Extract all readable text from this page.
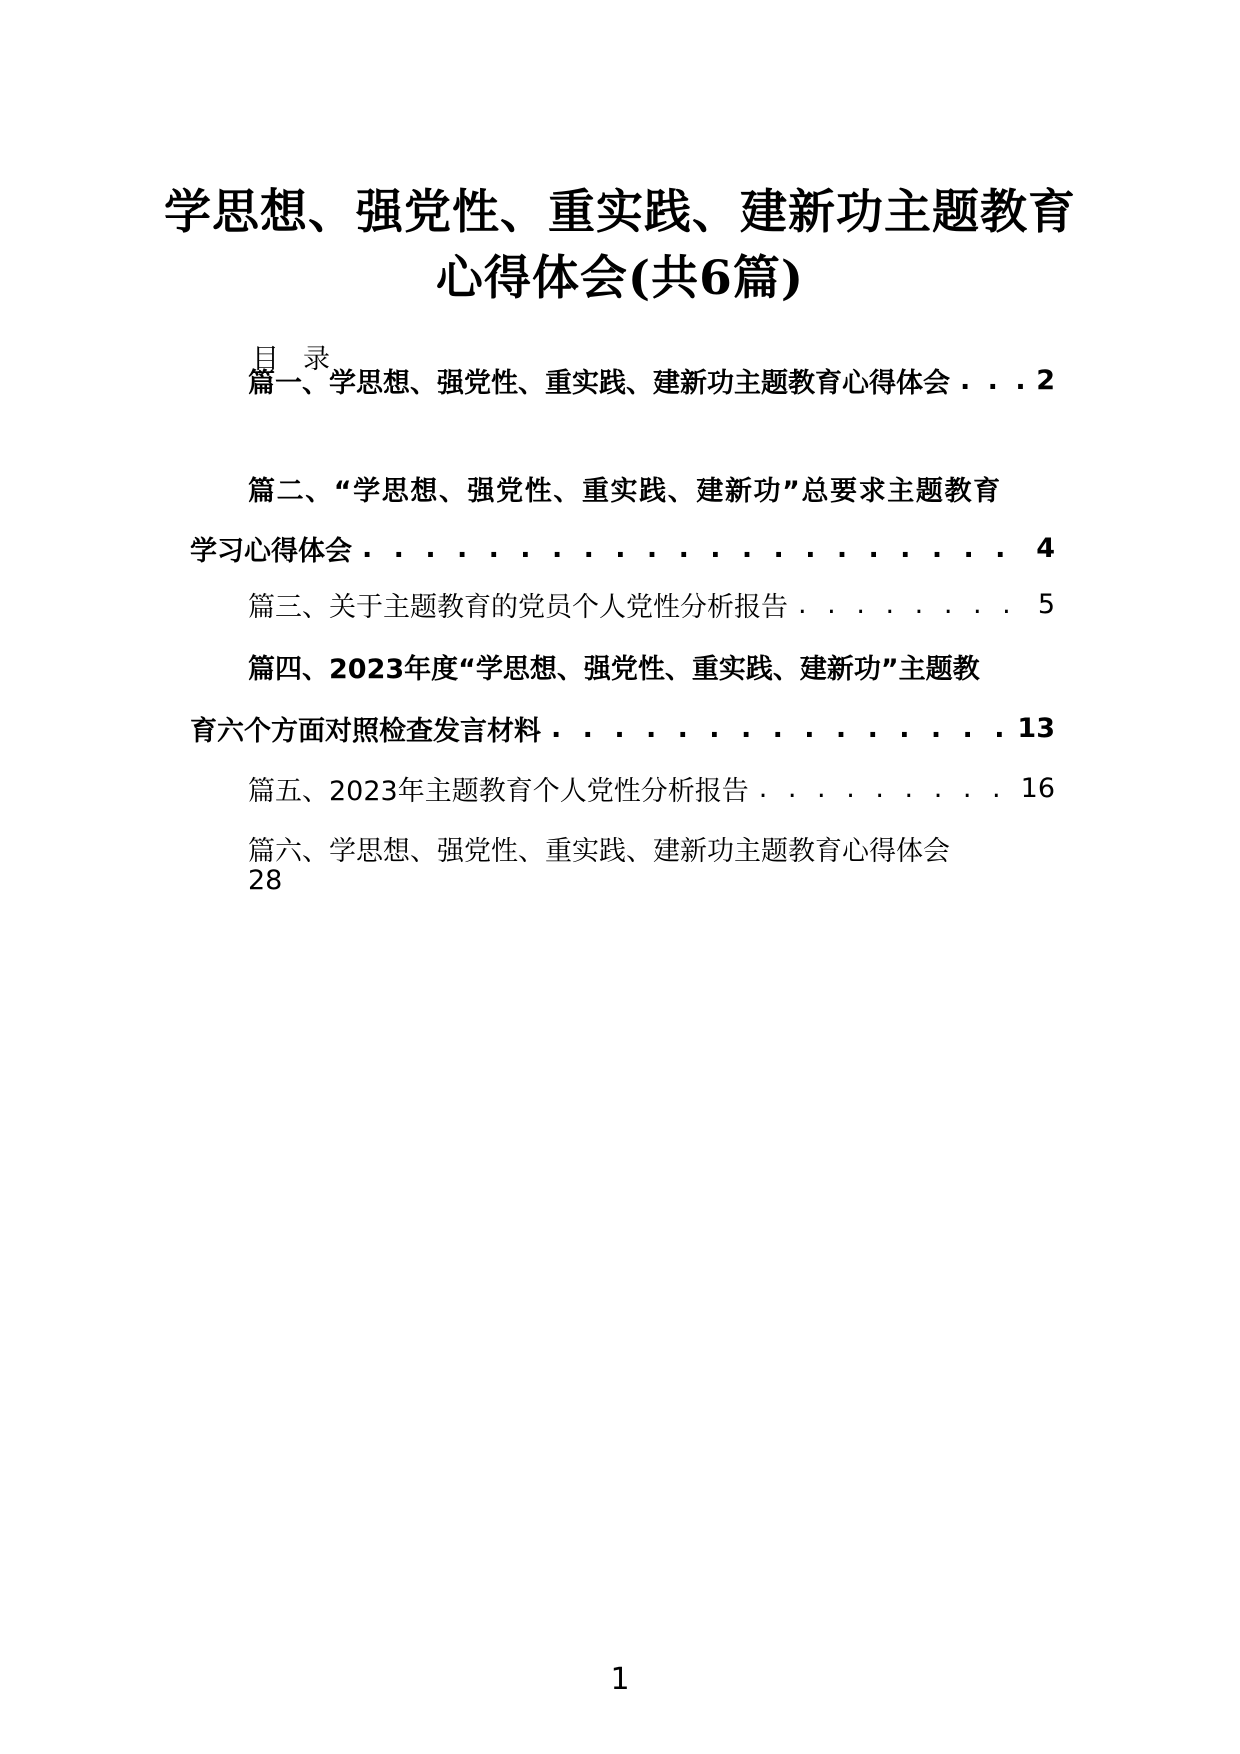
学思想、强党性、重实践、建新功主题教育
心得体会(共6篇)
目录
篇一、学思想、强党性、重实践、建新功主题教育心得体会 . . .	2
篇二、“学思想、强党性、重实践、建新功”总要求主题教育
学习心得体会 . . .	4
篇三、关于主题教育的党员个人党性分析报告 . . .	5
篇四、2023年度“学思想、强党性、重实践、建新功”主题教
育六个方面对照检查发言材料 . . .	13
篇五、2023年主题教育个人党性分析报告 . . .	16
篇六、学思想、强党性、重实践、建新功主题教育心得体会
28
1
